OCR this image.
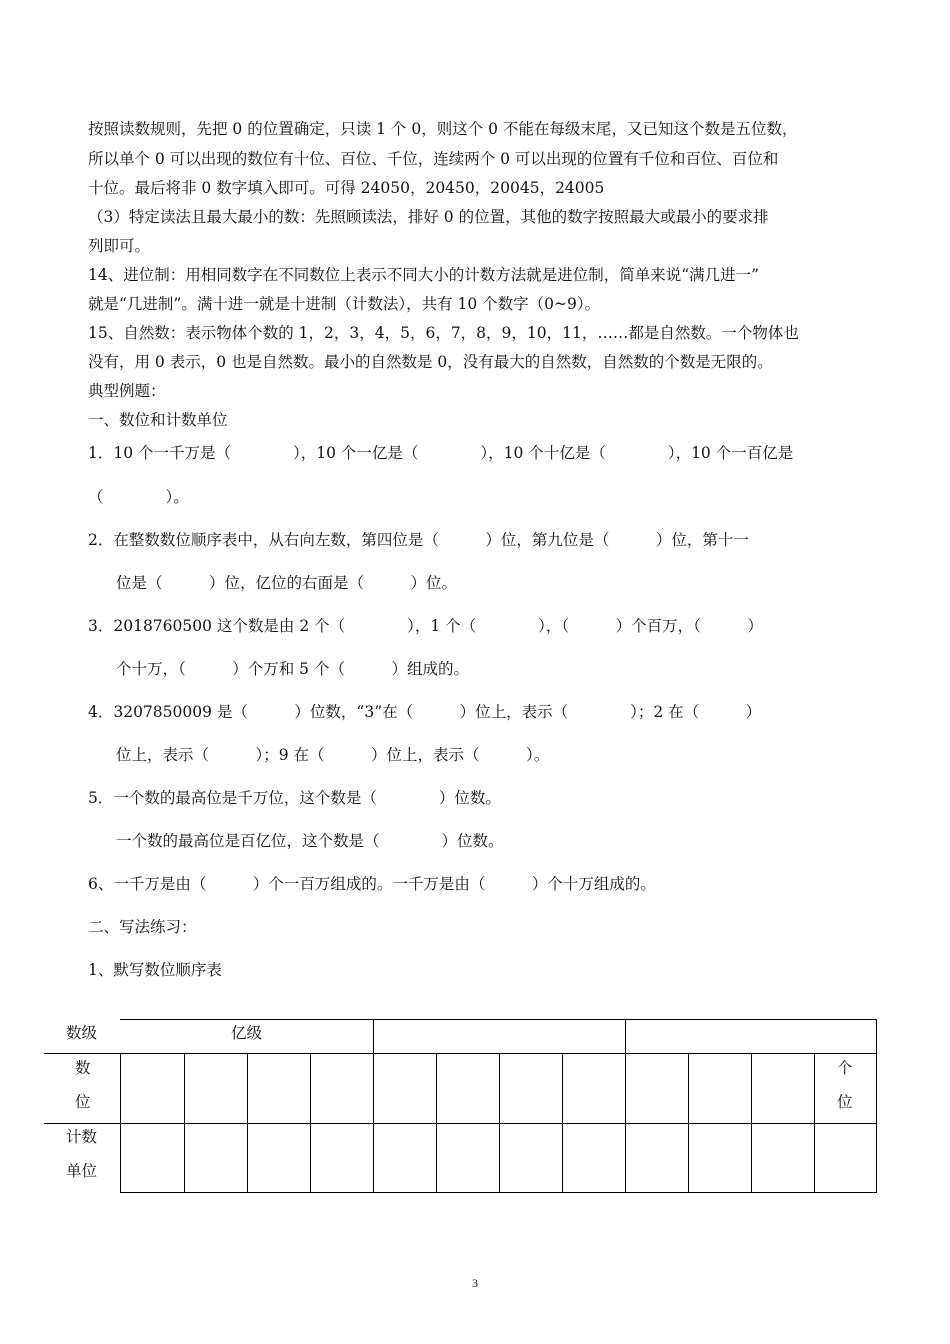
按照读数规则，先把 0 的位置确定，只读 1 个 0，则这个 0 不能在每级末尾，又已知这个数是五位数，
所以单个 0 可以出现的数位有十位、百位、千位，连续两个 0 可以出现的位置有千位和百位、百位和
十位。最后将非 0 数字填入即可。可得 24050，20450，20045，24005
（3）特定读法且最大最小的数：先照顾读法，排好 0 的位置，其他的数字按照最大或最小的要求排
列即可。
14、进位制：用相同数字在不同数位上表示不同大小的计数方法就是进位制，简单来说“满几进一”
就是“几进制”。满十进一就是十进制（计数法），共有 10 个数字（0~9）。
15、自然数：表示物体个数的 1，2，3，4，5，6，7，8，9，10，11，……都是自然数。一个物体也
没有，用 0 表示，0 也是自然数。最小的自然数是 0，没有最大的自然数，自然数的个数是无限的。
典型例题：
一、数位和计数单位
1．10 个一千万是（　　　　），10 个一亿是（　　　　），10 个十亿是（　　　　），10 个一百亿是
（　　　　）。
2．在整数数位顺序表中，从右向左数，第四位是（　　　）位，第九位是（　　　）位，第十一
位是（　　　）位，亿位的右面是（　　　）位。
3．2018760500 这个数是由 2 个（　　　　），1 个（　　　　），（　　　）个百万，（　　　）
个十万，（　　　）个万和 5 个（　　　）组成的。
4．3207850009 是（　　　）位数，“3”在（　　　）位上，表示（　　　　）；2 在（　　　）
位上，表示（　　　）；9 在（　　　）位上，表示（　　　）。
5．一个数的最高位是千万位，这个数是（　　　　）位数。
一个数的最高位是百亿位，这个数是（　　　　）位数。
6、一千万是由（　　　）个一百万组成的。一千万是由（　　　）个十万组成的。
二、写法练习：
1、默写数位顺序表
数级	亿级
数
位
个
位
计数
单位
3
